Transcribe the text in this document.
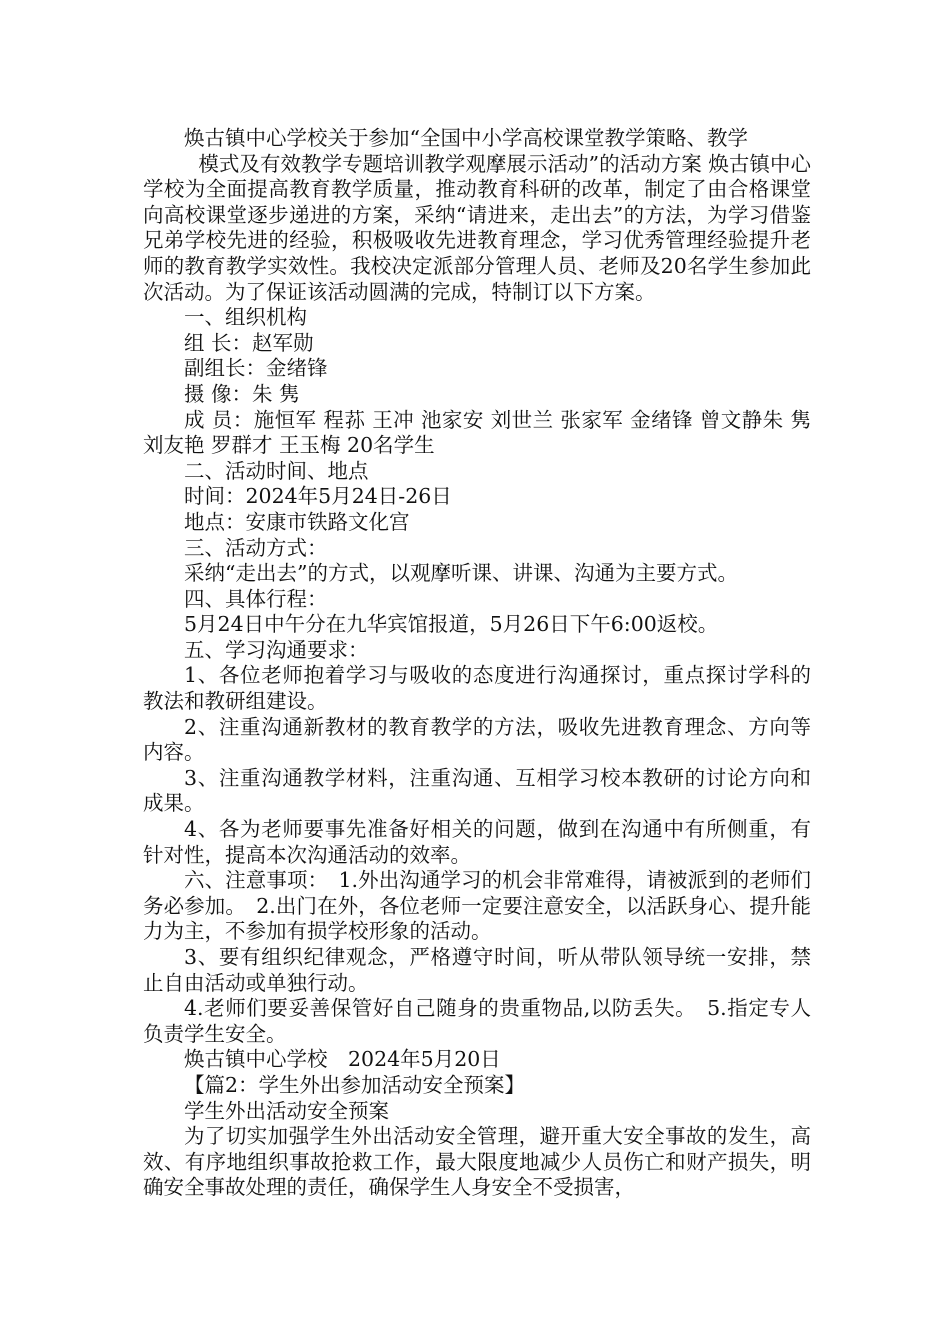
焕古镇中心学校关于参加“全国中小学高校课堂教学策略、教学

模式及有效教学专题培训教学观摩展示活动”的活动方案 焕古镇中心学校为全面提高教育教学质量，推动教育科研的改革，制定了由合格课堂向高校课堂逐步递进的方案，采纳“请进来，走出去”的方法，为学习借鉴兄弟学校先进的经验，积极吸收先进教育理念，学习优秀管理经验提升老师的教育教学实效性。我校决定派部分管理人员、老师及20名学生参加此次活动。为了保证该活动圆满的完成，特制订以下方案。

一、组织机构

组 长：赵军勋

副组长：金绪锋

摄 像：朱 隽

成 员：施恒军 程荪 王冲 池家安 刘世兰 张家军 金绪锋 曾文静朱 隽 刘友艳 罗群才 王玉梅 20名学生

二、活动时间、地点

时间：2024年5月24日-26日

地点：安康市铁路文化宫

三、活动方式：

采纳“走出去”的方式，以观摩听课、讲课、沟通为主要方式。

四、具体行程：

5月24日中午分在九华宾馆报道，5月26日下午6:00返校。

五、学习沟通要求：

1、各位老师抱着学习与吸收的态度进行沟通探讨，重点探讨学科的教法和教研组建设。

2、注重沟通新教材的教育教学的方法，吸收先进教育理念、方向等内容。

3、注重沟通教学材料，注重沟通、互相学习校本教研的讨论方向和成果。

4、各为老师要事先准备好相关的问题，做到在沟通中有所侧重，有针对性，提高本次沟通活动的效率。

六、注意事项：　1.外出沟通学习的机会非常难得，请被派到的老师们务必参加。　2.出门在外，各位老师一定要注意安全，以活跃身心、提升能力为主，不参加有损学校形象的活动。

3、要有组织纪律观念，严格遵守时间，听从带队领导统一安排，禁止自由活动或单独行动。

4.老师们要妥善保管好自己随身的贵重物品,以防丢失。　5.指定专人负责学生安全。

焕古镇中心学校　2024年5月20日

【篇2：学生外出参加活动安全预案】

学生外出活动安全预案

为了切实加强学生外出活动安全管理，避开重大安全事故的发生，高效、有序地组织事故抢救工作，最大限度地减少人员伤亡和财产损失，明确安全事故处理的责任，确保学生人身安全不受损害，
